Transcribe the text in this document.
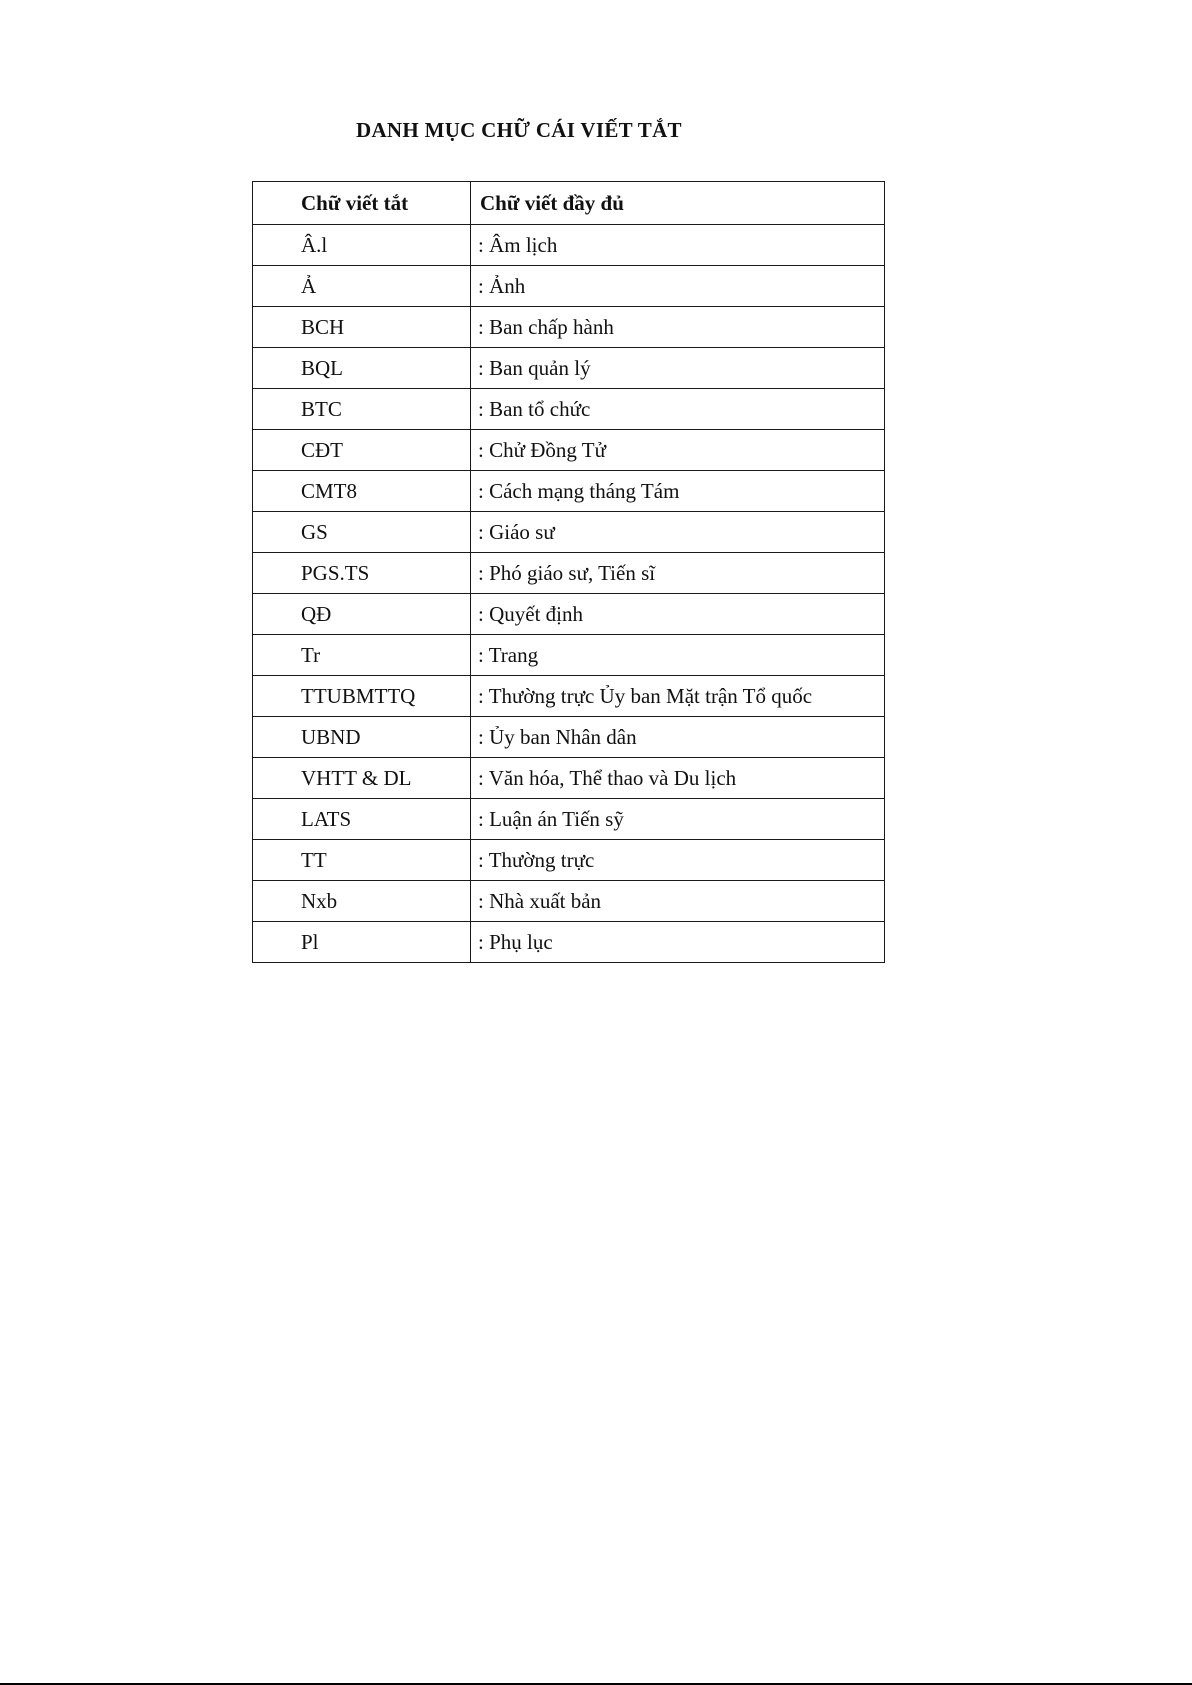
DANH MỤC CHỮ CÁI VIẾT TẮT
Chữ viết tắt	Chữ viết đầy đủ
Â.l	: Âm lịch
Ả	: Ảnh
BCH	: Ban chấp hành
BQL	: Ban quản lý
BTC	: Ban tổ chức
CĐT	: Chử Đồng Tử
CMT8	: Cách mạng tháng Tám
GS	: Giáo sư
PGS.TS	: Phó giáo sư, Tiến sĩ
QĐ	: Quyết định
Tr	: Trang
TTUBMTTQ	: Thường trực Ủy ban Mặt trận Tổ quốc
UBND	: Ủy ban Nhân dân
VHTT & DL	: Văn hóa, Thể thao và Du lịch
LATS	: Luận án Tiến sỹ
TT	: Thường trực
Nxb	: Nhà xuất bản
Pl	: Phụ lục
